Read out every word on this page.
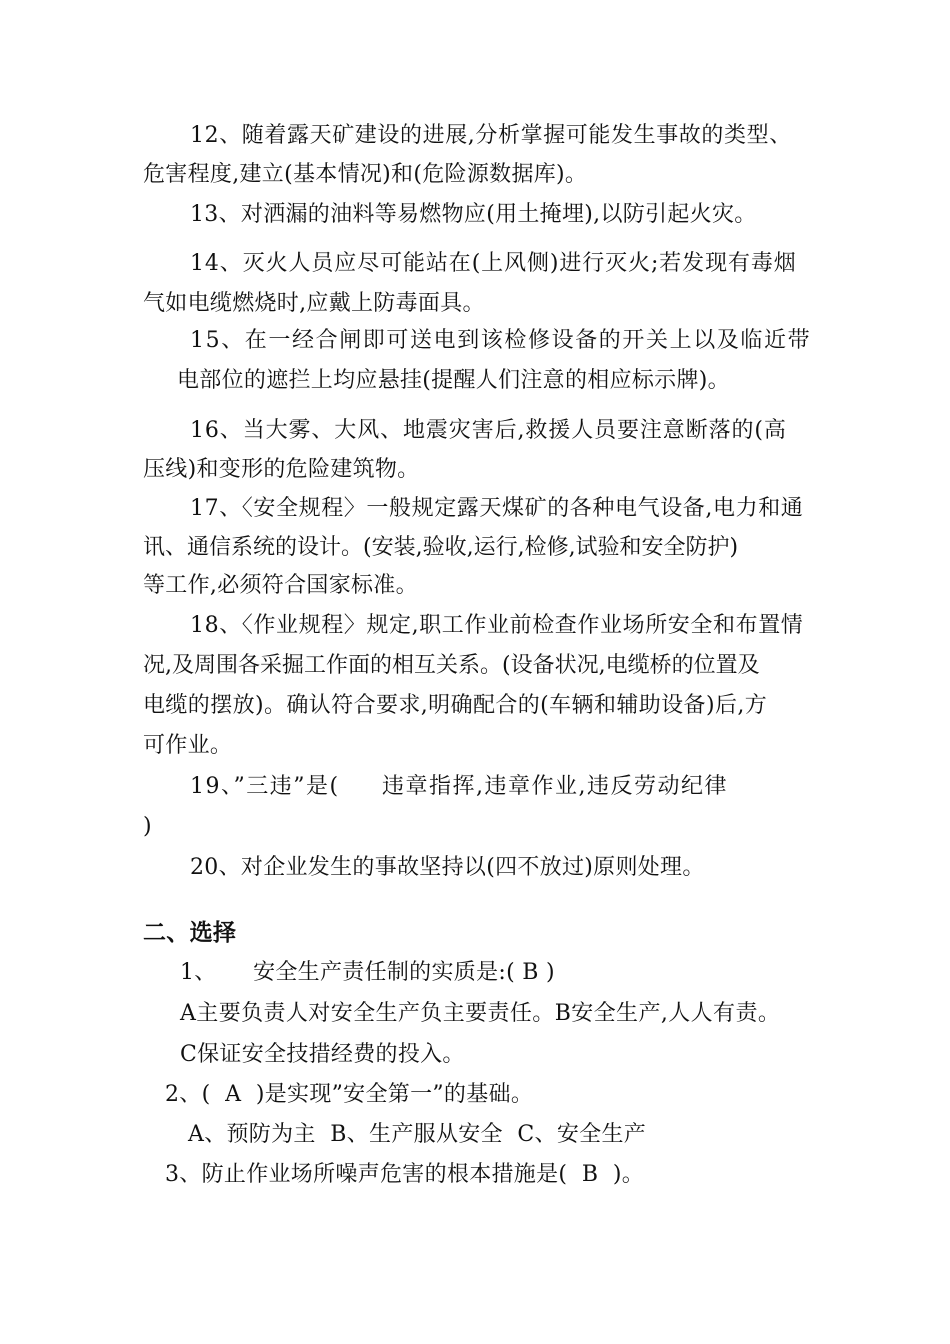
12、随着露天矿建设的进展,分析掌握可能发生事故的类型、
危害程度,建立(基本情况)和(危险源数据库)。
13、对洒漏的油料等易燃物应(用土掩埋),以防引起火灾。
14、灭火人员应尽可能站在(上风侧)进行灭火;若发现有毒烟
气如电缆燃烧时,应戴上防毒面具。
15、在一经合闸即可送电到该检修设备的开关上以及临近带
电部位的遮拦上均应悬挂(提醒人们注意的相应标示牌)。
16、当大雾、大风、地震灾害后,救援人员要注意断落的(高
压线)和变形的危险建筑物。
17、〈安全规程〉一般规定露天煤矿的各种电气设备,电力和通
讯、通信系统的设计。(安装,验收,运行,检修,试验和安全防护)
等工作,必须符合国家标准。
18、〈作业规程〉规定,职工作业前检查作业场所安全和布置情
况,及周围各采掘工作面的相互关系。(设备状况,电缆桥的位置及
电缆的摆放)。确认符合要求,明确配合的(车辆和辅助设备)后,方
可作业。
19、”三违”是(     违章指挥,违章作业,违反劳动纪律
)
20、对企业发生的事故坚持以(四不放过)原则处理。
二、选择
1、     安全生产责任制的实质是:( B )
A主要负责人对安全生产负主要责任。B安全生产,人人有责。
C保证安全技措经费的投入。
2、(  A  )是实现”安全第一”的基础。
A、预防为主  B、生产服从安全  C、安全生产
3、防止作业场所噪声危害的根本措施是(  B  )。
